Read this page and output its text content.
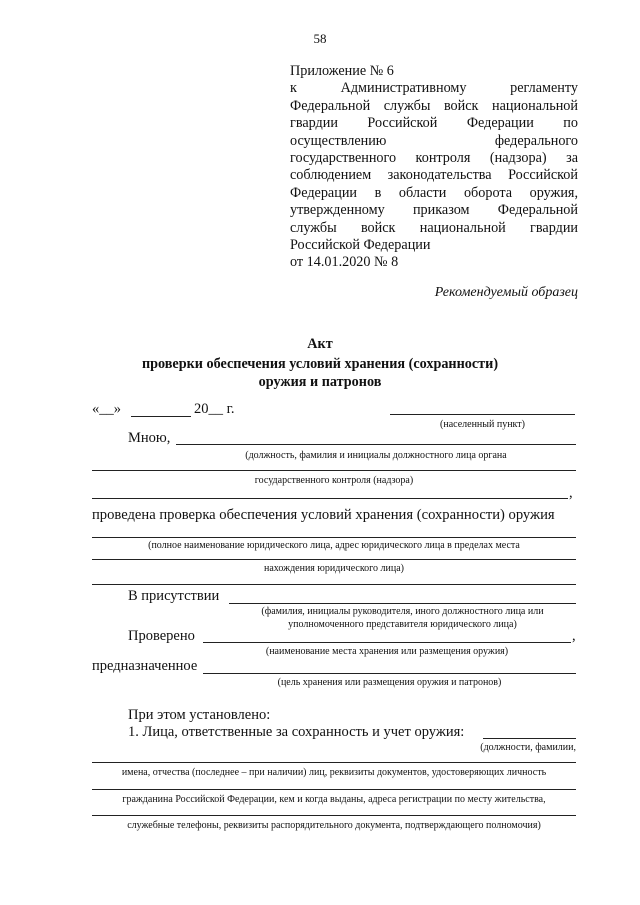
58
Приложение № 6
к Административному регламенту
Федеральной службы войск национальной
гвардии Российской Федерации по
осуществлению федерального
государственного контроля (надзора) за
соблюдением законодательства Российской
Федерации в области оборота оружия,
утвержденному приказом Федеральной
службы войск национальной гвардии
Российской Федерации
от 14.01.2020 № 8
Рекомендуемый образец
Акт
проверки обеспечения условий хранения (сохранности)
оружия и патронов
«__»	20__ г.
(населенный пункт)
Мною,
(должность, фамилия и инициалы должностного лица органа
государственного контроля (надзора)
,
проведена проверка обеспечения условий хранения (сохранности) оружия
(полное наименование юридического лица, адрес юридического лица в пределах места
нахождения юридического лица)
В присутствии
(фамилия, инициалы руководителя, иного должностного лица или
уполномоченного представителя юридического лица)
Проверено	,
(наименование места хранения или размещения оружия)
предназначенное
(цель хранения или размещения оружия и патронов)
При этом установлено:
1. Лица, ответственные за сохранность и учет оружия:
(должности, фамилии,
имена, отчества (последнее – при наличии) лиц, реквизиты документов, удостоверяющих личность
гражданина Российской Федерации, кем и когда выданы, адреса регистрации по месту жительства,
служебные телефоны, реквизиты распорядительного документа, подтверждающего полномочия)
